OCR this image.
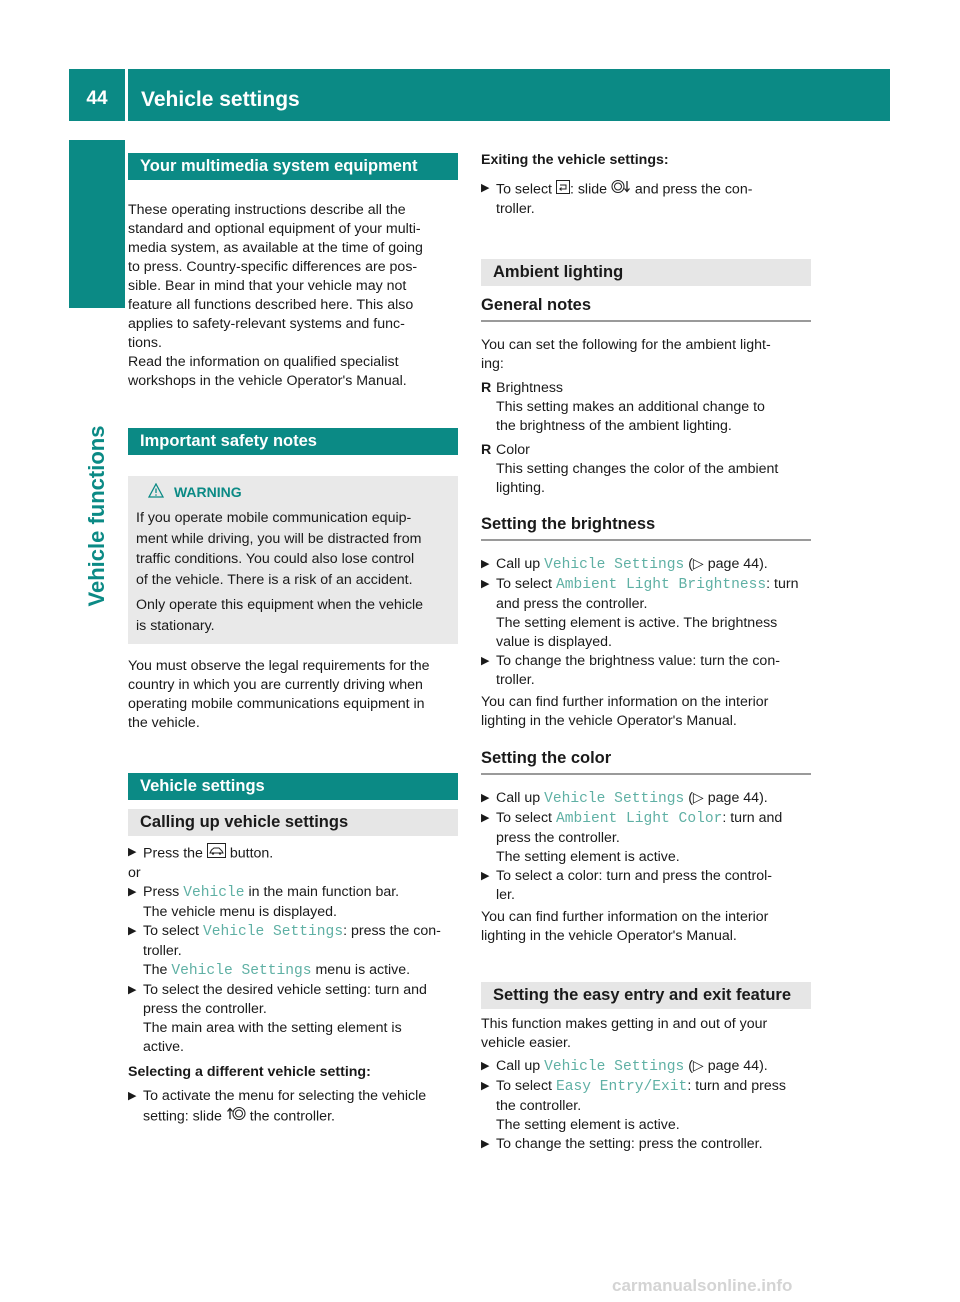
44	Vehicle settings
Vehicle functions
Your multimedia system equipment
These operating instructions describe all the
standard and optional equipment of your multi-
media system, as available at the time of going
to press. Country-specific differences are pos-
sible. Bear in mind that your vehicle may not
feature all functions described here. This also
applies to safety-relevant systems and func-
tions.
Read the information on qualified specialist
workshops in the vehicle Operator's Manual.
Important safety notes
WARNING
If you operate mobile communication equip-
ment while driving, you will be distracted from
traffic conditions. You could also lose control
of the vehicle. There is a risk of an accident.
Only operate this equipment when the vehicle
is stationary.
You must observe the legal requirements for the
country in which you are currently driving when
operating mobile communications equipment in
the vehicle.
Vehicle settings
Calling up vehicle settings
▶ Press the button.
or
▶ Press Vehicle in the main function bar.
The vehicle menu is displayed.
▶ To select Vehicle Settings: press the con-
troller.
The Vehicle Settings menu is active.
▶ To select the desired vehicle setting: turn and
press the controller.
The main area with the setting element is
active.
Selecting a different vehicle setting:
▶ To activate the menu for selecting the vehicle
setting: slide the controller.
Exiting the vehicle settings:
▶ To select : slide and press the con-
troller.
Ambient lighting
General notes
You can set the following for the ambient light-
ing:
R Brightness
This setting makes an additional change to
the brightness of the ambient lighting.
R Color
This setting changes the color of the ambient
lighting.
Setting the brightness
▶ Call up Vehicle Settings (▷ page 44).
▶ To select Ambient Light Brightness: turn
and press the controller.
The setting element is active. The brightness
value is displayed.
▶ To change the brightness value: turn the con-
troller.
You can find further information on the interior
lighting in the vehicle Operator's Manual.
Setting the color
▶ Call up Vehicle Settings (▷ page 44).
▶ To select Ambient Light Color: turn and
press the controller.
The setting element is active.
▶ To select a color: turn and press the control-
ler.
You can find further information on the interior
lighting in the vehicle Operator's Manual.
Setting the easy entry and exit feature
This function makes getting in and out of your
vehicle easier.
▶ Call up Vehicle Settings (▷ page 44).
▶ To select Easy Entry/Exit: turn and press
the controller.
The setting element is active.
▶ To change the setting: press the controller.
carmanualsonline.info
